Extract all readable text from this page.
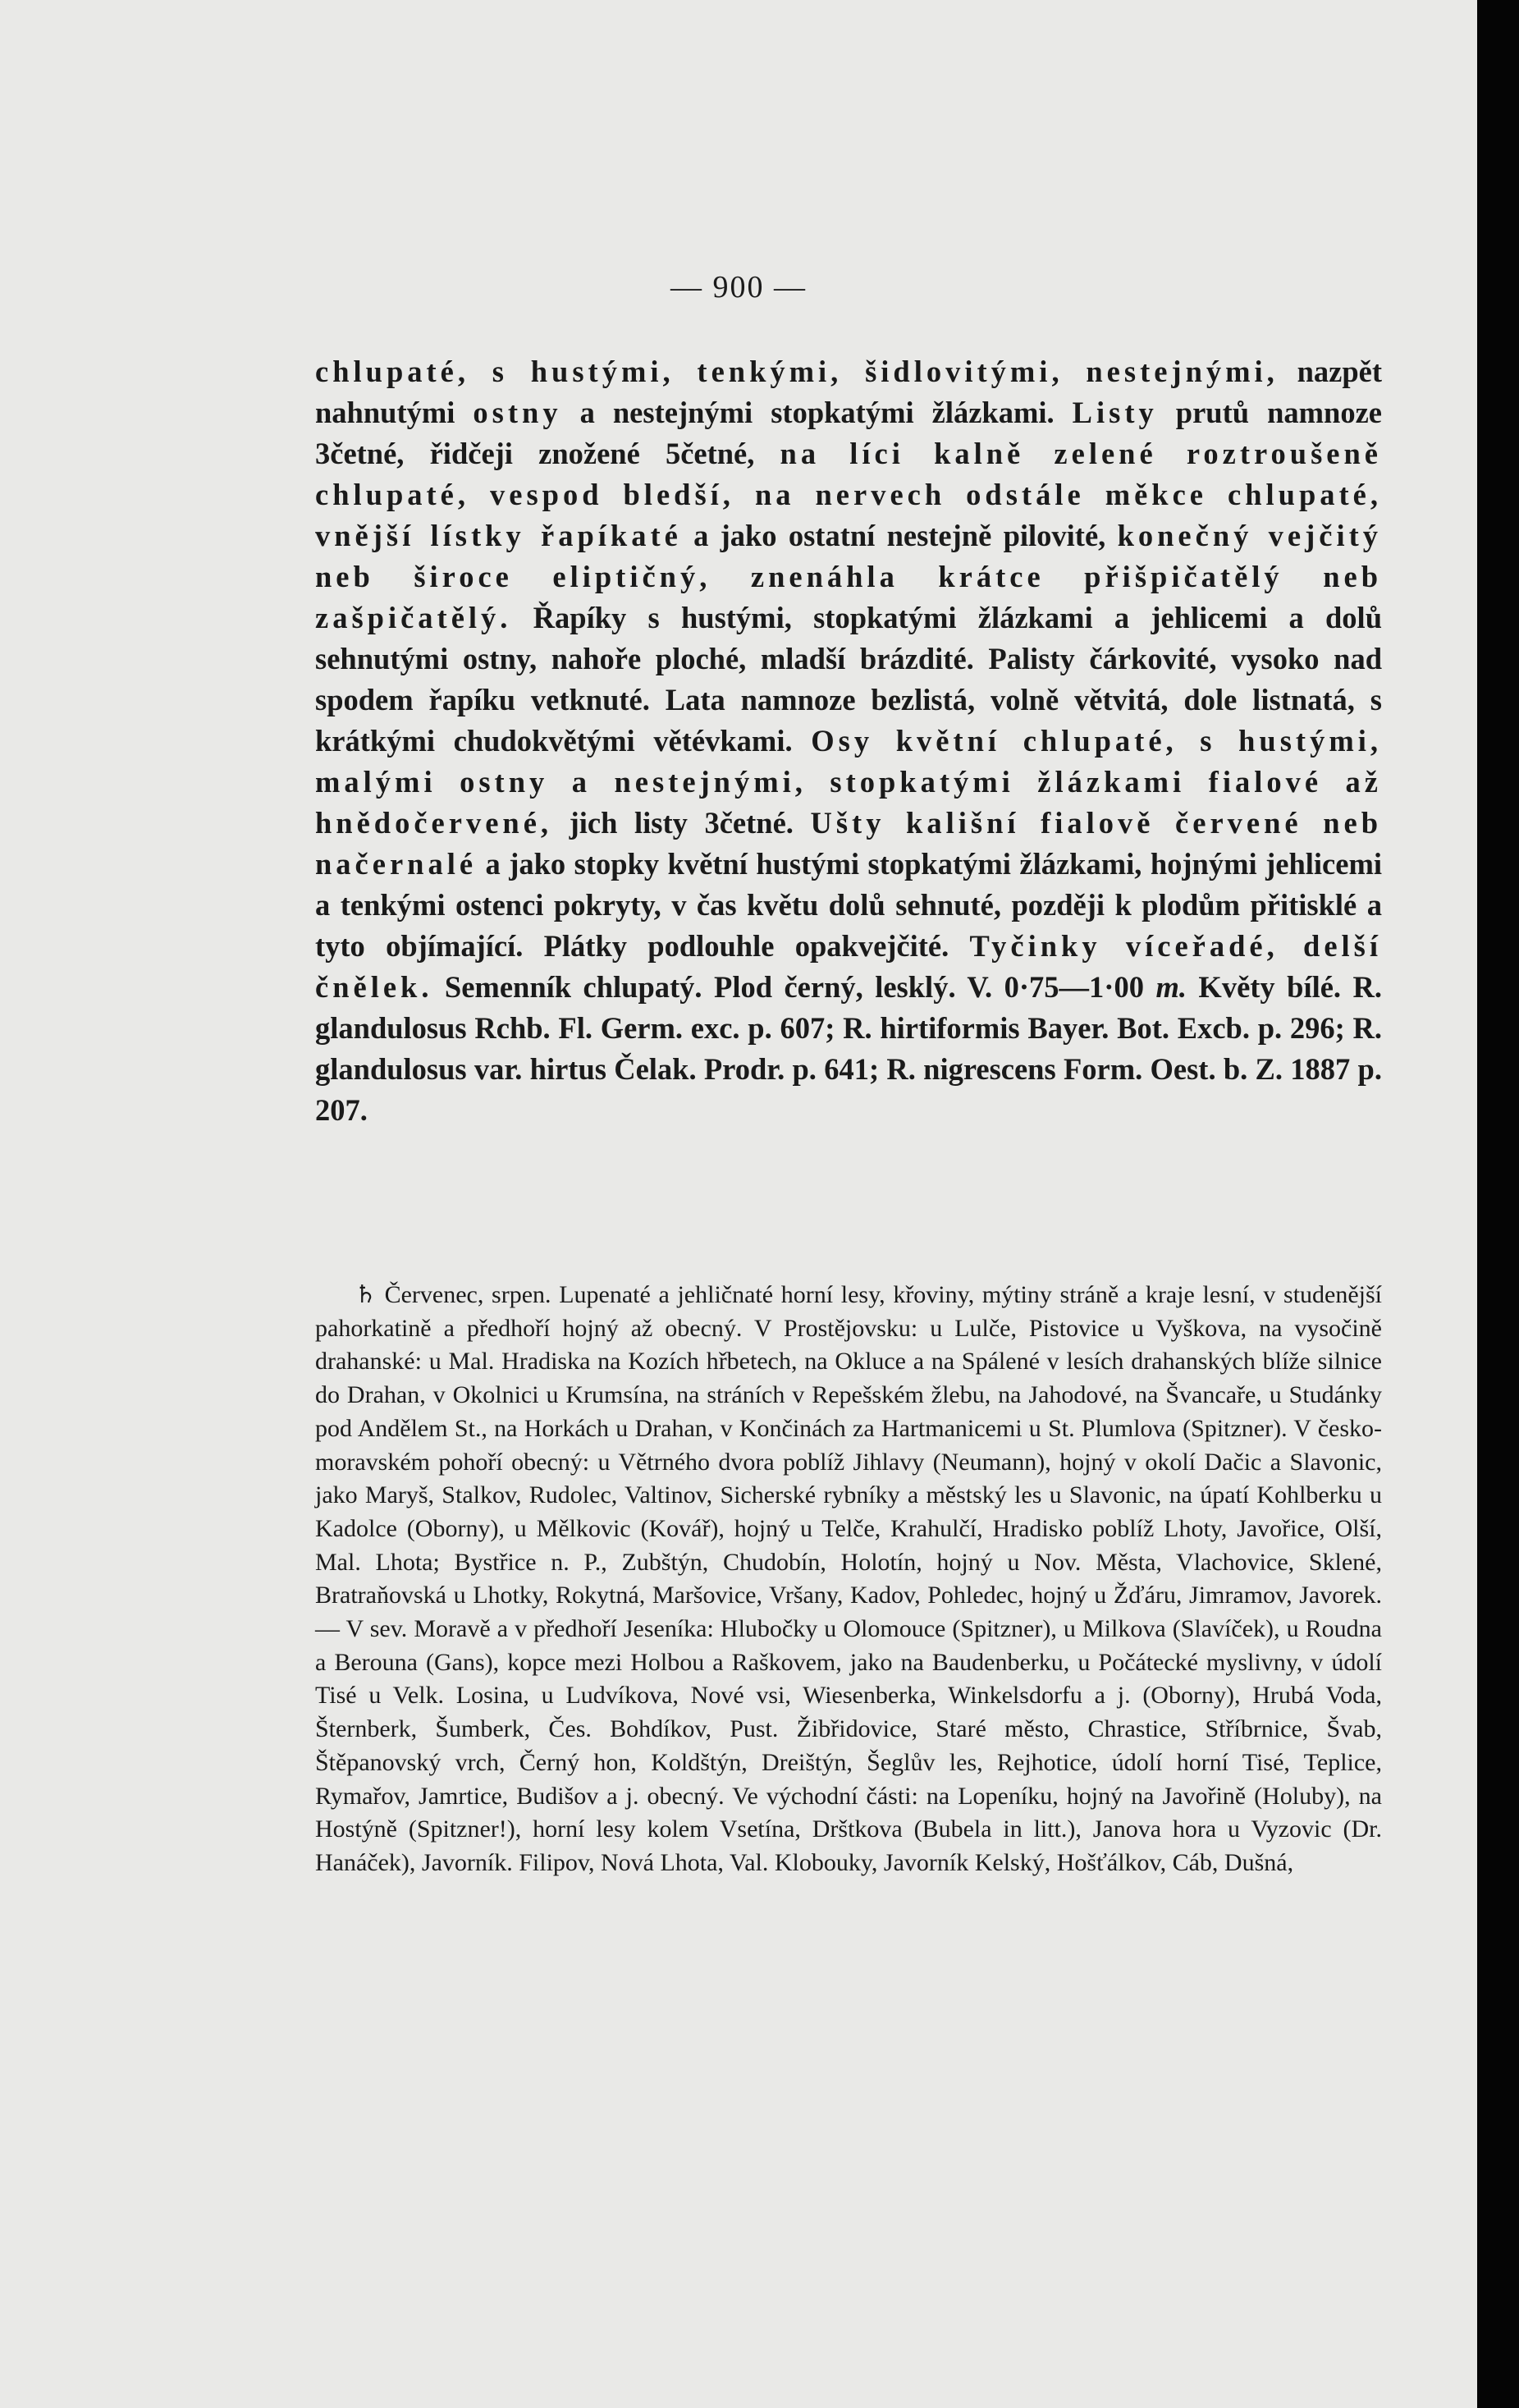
— 900 —

chlupaté, s hustými, tenkými, šidlovitými, nestejnými, nazpět nahnutými ostny a nestejnými stopkatými žlázkami. Listy prutů namnoze 3četné, řidčeji znožené 5četné, na líci kalně zelené roztroušeně chlupaté, vespod bledší, na nervech odstále měkce chlupaté, vnější lístky řapíkaté a jako ostatní nestejně pilovité, konečný vejčitý neb široce eliptičný, znenáhla krátce přišpičatělý neb zašpičatělý. Řapíky s hustými, stopkatými žlázkami a jehlicemi a dolů sehnutými ostny, nahoře ploché, mladší brázdité. Palisty čárkovité, vysoko nad spodem řapíku vetknuté. Lata namnoze bezlistá, volně větvitá, dole listnatá, s krátkými chudokvětými větévkami. Osy květní chlupaté, s hustými, malými ostny a nestejnými, stopkatými žlázkami fialové až hnědočervené, jich listy 3četné. Ušty kališní fialově červené neb načernalé a jako stopky květní hustými stopkatými žlázkami, hojnými jehlicemi a tenkými ostenci pokryty, v čas květu dolů sehnuté, později k plodům přitisklé a tyto objímající. Plátky podlouhle opakvejčité. Tyčinky víceřadé, delší čnělek. Semenník chlupatý. Plod černý, lesklý. V. 0·75—1·00 m. Květy bílé. R. glandulosus Rchb. Fl. Germ. exc. p. 607; R. hirtiformis Bayer. Bot. Excb. p. 296; R. glandulosus var. hirtus Čelak. Prodr. p. 641; R. nigrescens Form. Oest. b. Z. 1887 p. 207.

♄ Červenec, srpen. Lupenaté a jehličnaté horní lesy, křoviny, mýtiny stráně a kraje lesní, v studenější pahorkatině a předhoří hojný až obecný. V Prostějovsku: u Lulče, Pistovice u Vyškova, na vysočině drahanské: u Mal. Hradiska na Kozích hřbetech, na Okluce a na Spálené v lesích drahanských blíže silnice do Drahan, v Okolnici u Krumsína, na stráních v Repešském žlebu, na Jahodové, na Švancaře, u Studánky pod Andělem St., na Horkách u Drahan, v Končinách za Hartmanicemi u St. Plumlova (Spitzner). V česko-moravském pohoří obecný: u Větrného dvora poblíž Jihlavy (Neumann), hojný v okolí Dačic a Slavonic, jako Maryš, Stalkov, Rudolec, Valtinov, Sicherské rybníky a městský les u Slavonic, na úpatí Kohlberku u Kadolce (Oborny), u Mělkovic (Kovář), hojný u Telče, Krahulčí, Hradisko poblíž Lhoty, Javořice, Olší, Mal. Lhota; Bystřice n. P., Zubštýn, Chudobín, Holotín, hojný u Nov. Města, Vlachovice, Sklené, Bratraňovská u Lhotky, Rokytná, Maršovice, Vršany, Kadov, Pohledec, hojný u Žďáru, Jimramov, Javorek. — V sev. Moravě a v předhoří Jeseníka: Hlubočky u Olomouce (Spitzner), u Milkova (Slavíček), u Roudna a Berouna (Gans), kopce mezi Holbou a Raškovem, jako na Baudenberku, u Počátecké myslivny, v údolí Tisé u Velk. Losina, u Ludvíkova, Nové vsi, Wiesenberka, Winkelsdorfu a j. (Oborny), Hrubá Voda, Šternberk, Šumberk, Čes. Bohdíkov, Pust. Žibřidovice, Staré město, Chrastice, Stříbrnice, Švab, Štěpanovský vrch, Černý hon, Koldštýn, Dreištýn, Šeglův les, Rejhotice, údolí horní Tisé, Teplice, Rymařov, Jamrtice, Budišov a j. obecný. Ve východní části: na Lopeníku, hojný na Javořině (Holuby), na Hostýně (Spitzner!), horní lesy kolem Vsetína, Drštkova (Bubela in litt.), Janova hora u Vyzovic (Dr. Hanáček), Javorník. Filipov, Nová Lhota, Val. Klobouky, Javorník Kelský, Hošťálkov, Cáb, Dušná,
